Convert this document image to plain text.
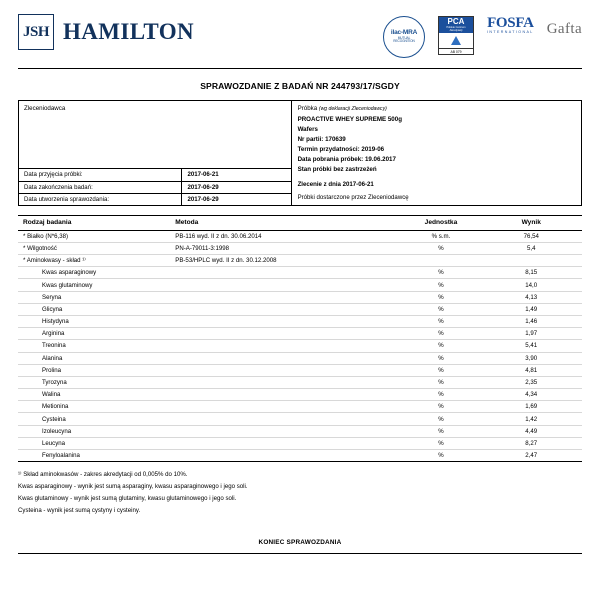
JSH HAMILTON	ilac-MRA
MUTUAL
RECOGNITION
PCA
Polskie Centrum
Akredytacji
AB 079
FOSFA
INTERNATIONAL Gafta
SPRAWOZDANIE Z BADAŃ NR 244793/17/SGDY
Zleceniodawca
Data przyjęcia próbki:	2017-06-21
Data zakończenia badań:	2017-06-29
Data utworzenia sprawozdania:	2017-06-29
Próbka (wg deklaracji Zleceniodawcy)
PROACTIVE WHEY SUPREME 500g
Wafers
Nr partii: 170639
Termin przydatności: 2019-06
Data pobrania próbek: 19.06.2017
Stan próbki bez zastrzeżeń
Zlecenie z dnia 2017-06-21
Próbki dostarczone przez Zleceniodawcę
Rodzaj badania	Metoda	Jednostka	Wynik
* Białko (N*6,38)	PB-116 wyd. II z dn. 30.06.2014	% s.m.	76,54
* Wilgotność	PN-A-79011-3:1998	%	5,4
* Aminokwasy - skład ¹⁾	PB-53/HPLC wyd. II z dn. 30.12.2008		
Kwas asparaginowy		%	8,15
Kwas glutaminowy		%	14,0
Seryna		%	4,13
Glicyna		%	1,49
Histydyna		%	1,46
Arginina		%	1,97
Treonina		%	5,41
Alanina		%	3,90
Prolina		%	4,81
Tyrozyna		%	2,35
Walina		%	4,34
Metionina		%	1,69
Cysteina		%	1,42
Izoleucyna		%	4,49
Leucyna		%	8,27
Fenyloalanina		%	2,47
¹⁾ Skład aminokwasów - zakres akredytacji od 0,005% do 10%.
Kwas asparaginowy - wynik jest sumą asparaginy, kwasu asparaginowego i jego soli.
Kwas glutaminowy - wynik jest sumą glutaminy, kwasu glutaminowego i jego soli.
Cysteina - wynik jest sumą cystyny i cysteiny.
KONIEC SPRAWOZDANIA
